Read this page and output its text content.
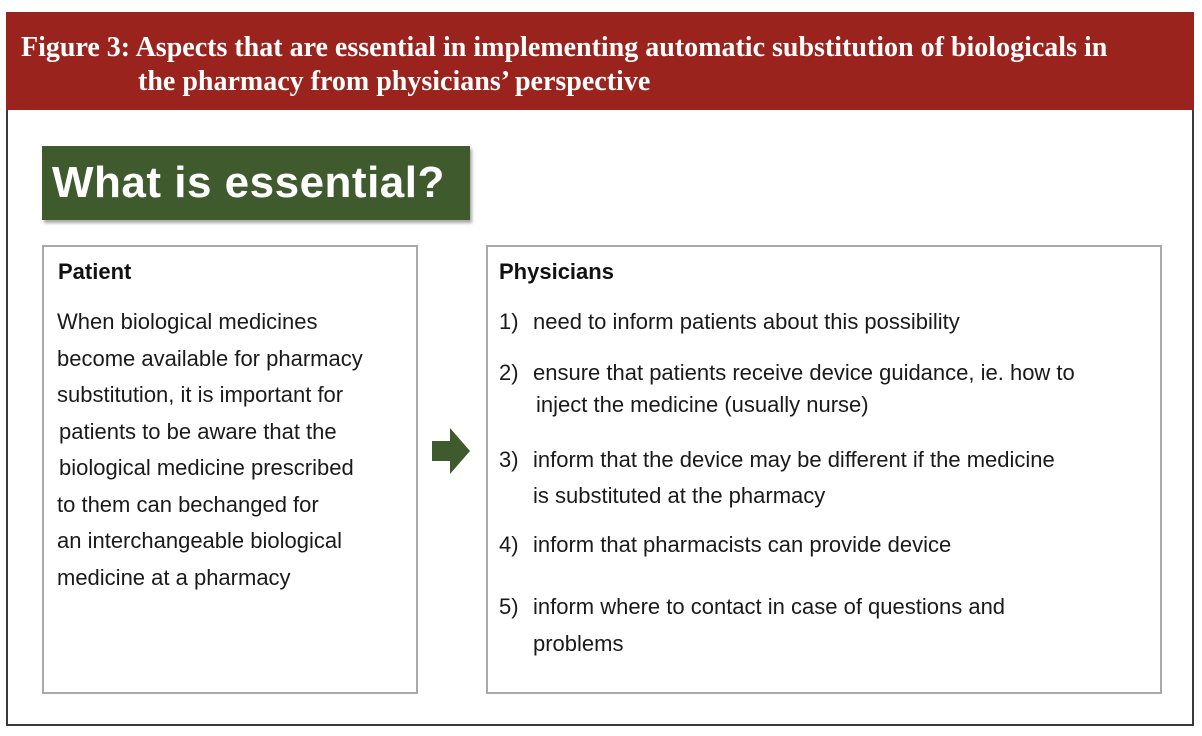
Figure 3: Aspects that are essential in implementing automatic substitution of biologicals in
the pharmacy from physicians’ perspective
What is essential?
Patient
When biological medicines
become available for pharmacy
substitution, it is important for
patients to be aware that the
biological medicine prescribed
to them can bechanged for
an interchangeable biological
medicine at a pharmacy
Physicians
1) need to inform patients about this possibility
2) ensure that patients receive device guidance, ie. how to
inject the medicine (usually nurse)
3) inform that the device may be different if the medicine
is substituted at the pharmacy
4) inform that pharmacists can provide device
5) inform where to contact in case of questions and
problems
